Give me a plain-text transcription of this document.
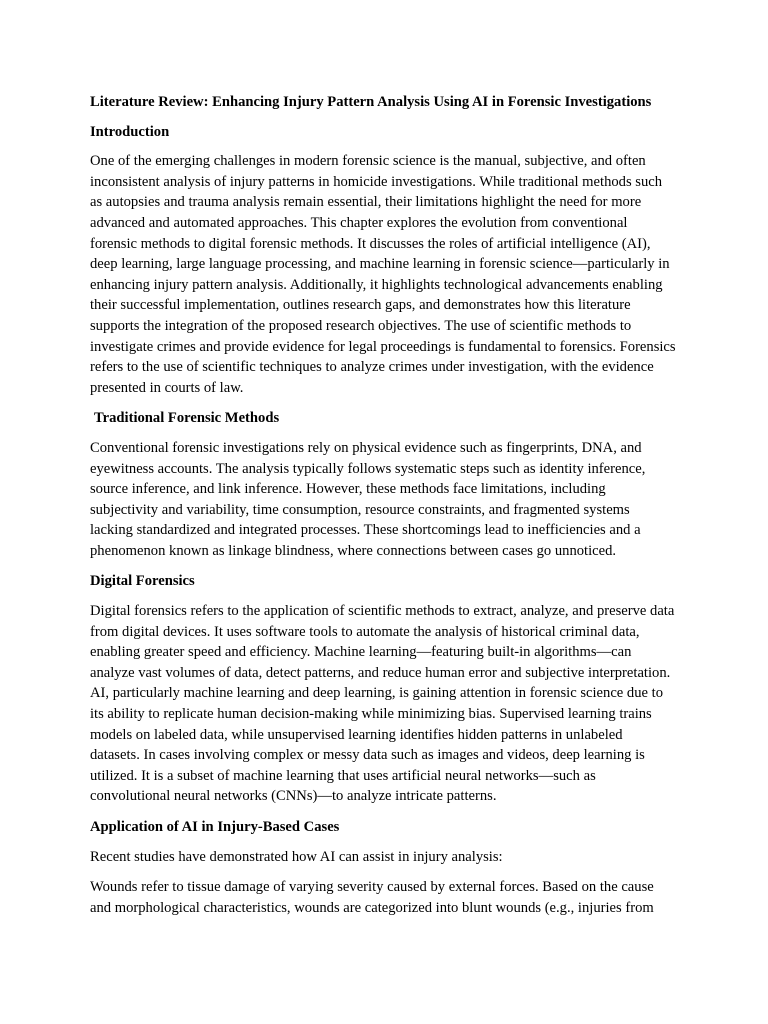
Literature Review: Enhancing Injury Pattern Analysis Using AI in Forensic Investigations
Introduction

One of the emerging challenges in modern forensic science is the manual, subjective, and often inconsistent analysis of injury patterns in homicide investigations. While traditional methods such as autopsies and trauma analysis remain essential, their limitations highlight the need for more advanced and automated approaches. This chapter explores the evolution from conventional forensic methods to digital forensic methods. It discusses the roles of artificial intelligence (AI), deep learning, large language processing, and machine learning in forensic science—particularly in enhancing injury pattern analysis. Additionally, it highlights technological advancements enabling their successful implementation, outlines research gaps, and demonstrates how this literature supports the integration of the proposed research objectives. The use of scientific methods to investigate crimes and provide evidence for legal proceedings is fundamental to forensics. Forensics refers to the use of scientific techniques to analyze crimes under investigation, with the evidence presented in courts of law.

Traditional Forensic Methods

Conventional forensic investigations rely on physical evidence such as fingerprints, DNA, and eyewitness accounts. The analysis typically follows systematic steps such as identity inference, source inference, and link inference. However, these methods face limitations, including subjectivity and variability, time consumption, resource constraints, and fragmented systems lacking standardized and integrated processes. These shortcomings lead to inefficiencies and a phenomenon known as linkage blindness, where connections between cases go unnoticed.

Digital Forensics

Digital forensics refers to the application of scientific methods to extract, analyze, and preserve data from digital devices. It uses software tools to automate the analysis of historical criminal data, enabling greater speed and efficiency. Machine learning—featuring built-in algorithms—can analyze vast volumes of data, detect patterns, and reduce human error and subjective interpretation. AI, particularly machine learning and deep learning, is gaining attention in forensic science due to its ability to replicate human decision-making while minimizing bias. Supervised learning trains models on labeled data, while unsupervised learning identifies hidden patterns in unlabeled datasets. In cases involving complex or messy data such as images and videos, deep learning is utilized. It is a subset of machine learning that uses artificial neural networks—such as convolutional neural networks (CNNs)—to analyze intricate patterns.

Application of AI in Injury-Based Cases

Recent studies have demonstrated how AI can assist in injury analysis:

Wounds refer to tissue damage of varying severity caused by external forces. Based on the cause and morphological characteristics, wounds are categorized into blunt wounds (e.g., injuries from
